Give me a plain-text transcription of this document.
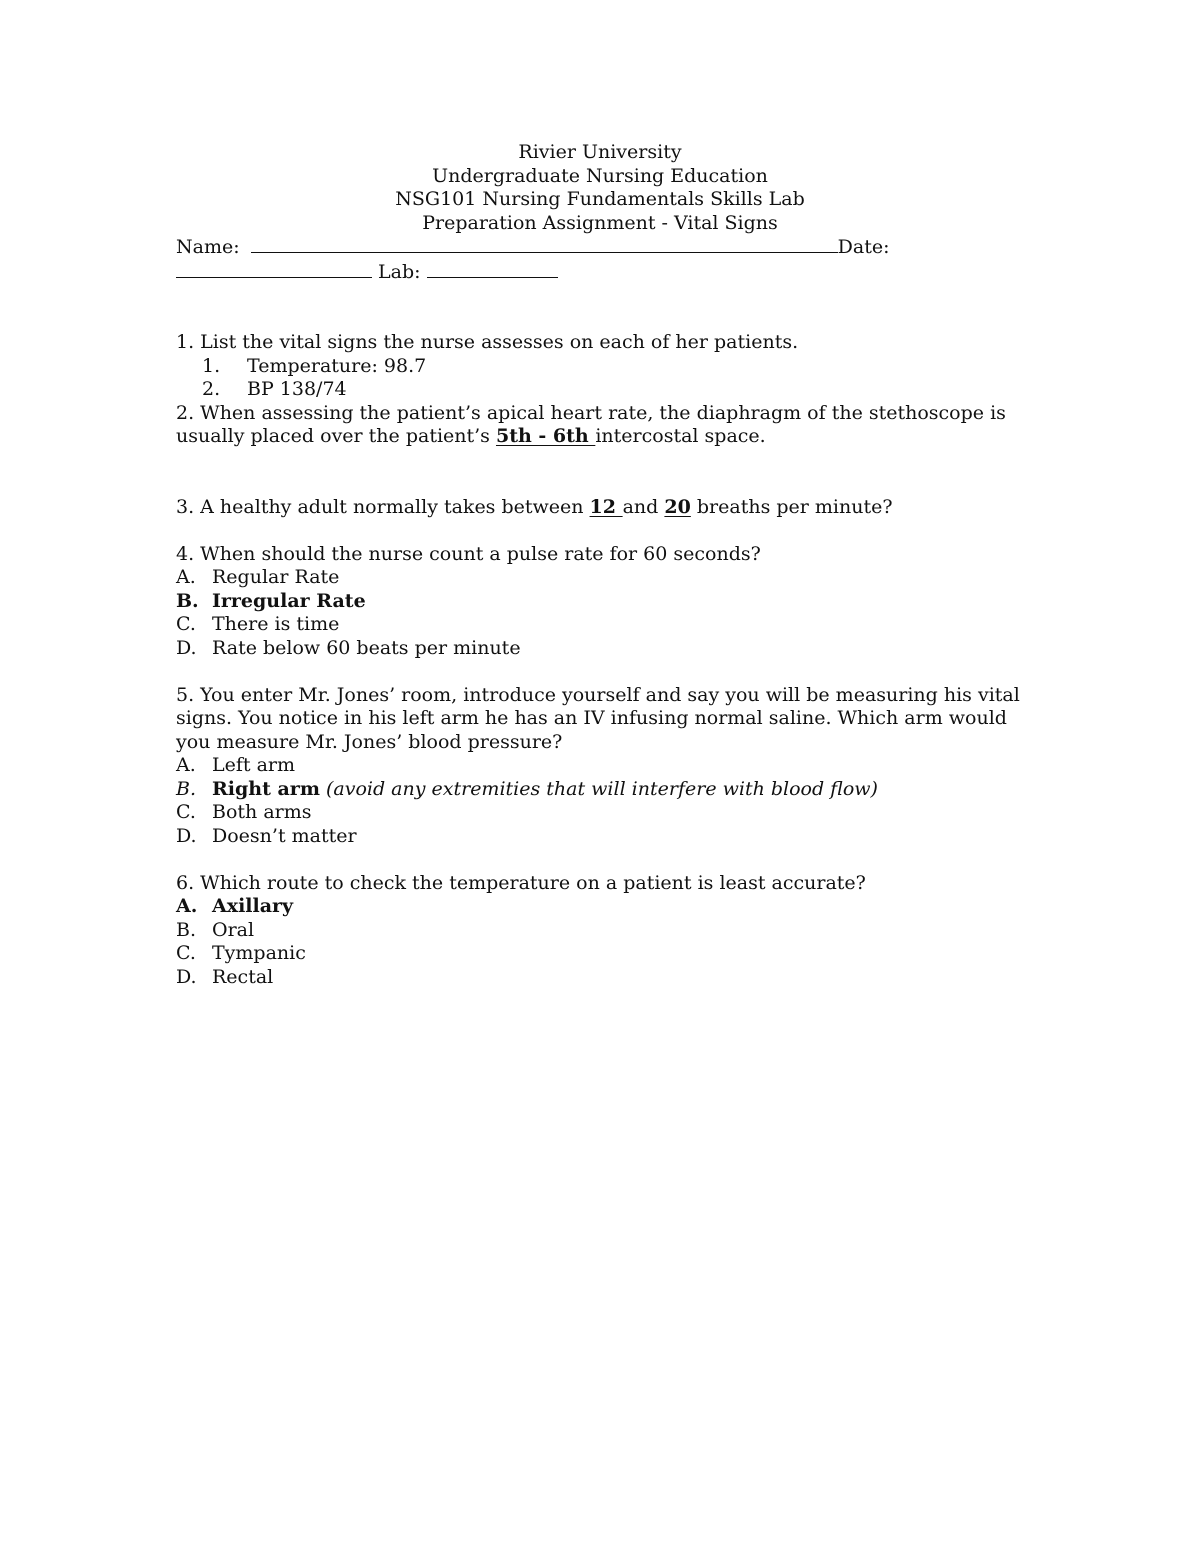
Rivier University
Undergraduate Nursing Education
NSG101 Nursing Fundamentals Skills Lab
Preparation Assignment - Vital Signs
Name:	Date:
Lab:
1. List the vital signs the nurse assesses on each of her patients.
1. Temperature: 98.7
2. BP 138/74
2. When assessing the patient’s apical heart rate, the diaphragm of the stethoscope is
usually placed over the patient’s 5th - 6th intercostal space.
3. A healthy adult normally takes between 12 and 20 breaths per minute?
4. When should the nurse count a pulse rate for 60 seconds?
A. Regular Rate
B. Irregular Rate
C. There is time
D. Rate below 60 beats per minute
5. You enter Mr. Jones’ room, introduce yourself and say you will be measuring his vital
signs. You notice in his left arm he has an IV infusing normal saline. Which arm would
you measure Mr. Jones’ blood pressure?
A. Left arm
B. Right arm (avoid any extremities that will interfere with blood flow)
C. Both arms
D. Doesn’t matter
6. Which route to check the temperature on a patient is least accurate?
A. Axillary
B. Oral
C. Tympanic
D. Rectal
